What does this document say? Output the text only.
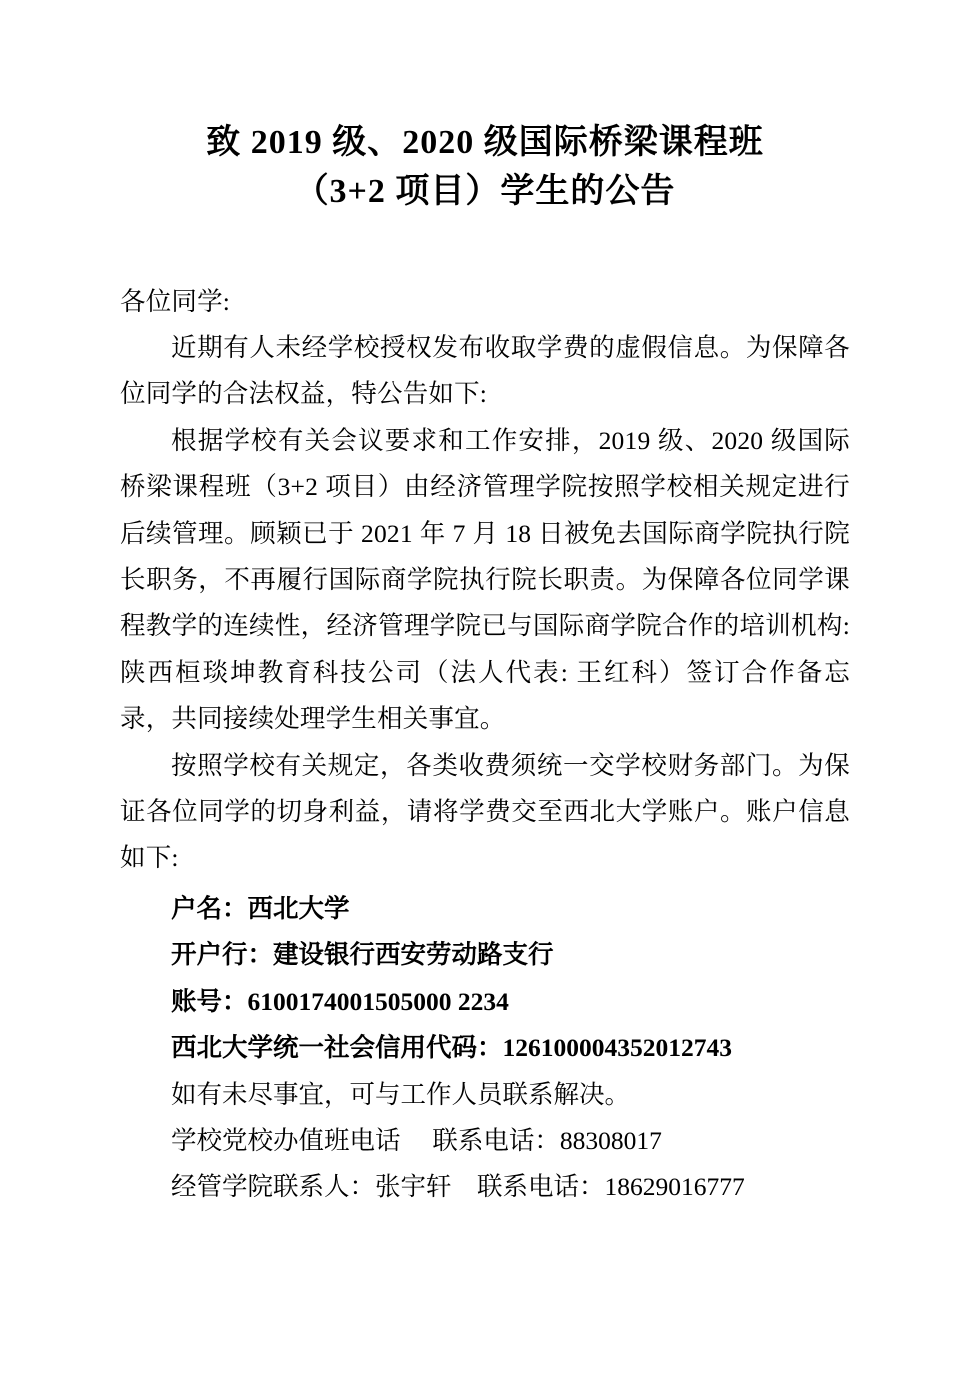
致 2019 级、2020 级国际桥梁课程班
（3+2 项目）学生的公告

各位同学:

近期有人未经学校授权发布收取学费的虚假信息。为保障各位同学的合法权益，特公告如下:

根据学校有关会议要求和工作安排，2019 级、2020 级国际桥梁课程班（3+2 项目）由经济管理学院按照学校相关规定进行后续管理。顾颖已于 2021 年 7 月 18 日被免去国际商学院执行院长职务，不再履行国际商学院执行院长职责。为保障各位同学课程教学的连续性，经济管理学院已与国际商学院合作的培训机构: 陕西桓琰坤教育科技公司（法人代表: 王红科）签订合作备忘录，共同接续处理学生相关事宜。

按照学校有关规定，各类收费须统一交学校财务部门。为保证各位同学的切身利益，请将学费交至西北大学账户。账户信息如下:

户名：西北大学
开户行：建设银行西安劳动路支行
账号：6100174001505000 2234
西北大学统一社会信用代码：126100004352012743
如有未尽事宜，可与工作人员联系解决。
学校党校办值班电话　 联系电话：88308017
经管学院联系人：张宇轩　联系电话：18629016777
